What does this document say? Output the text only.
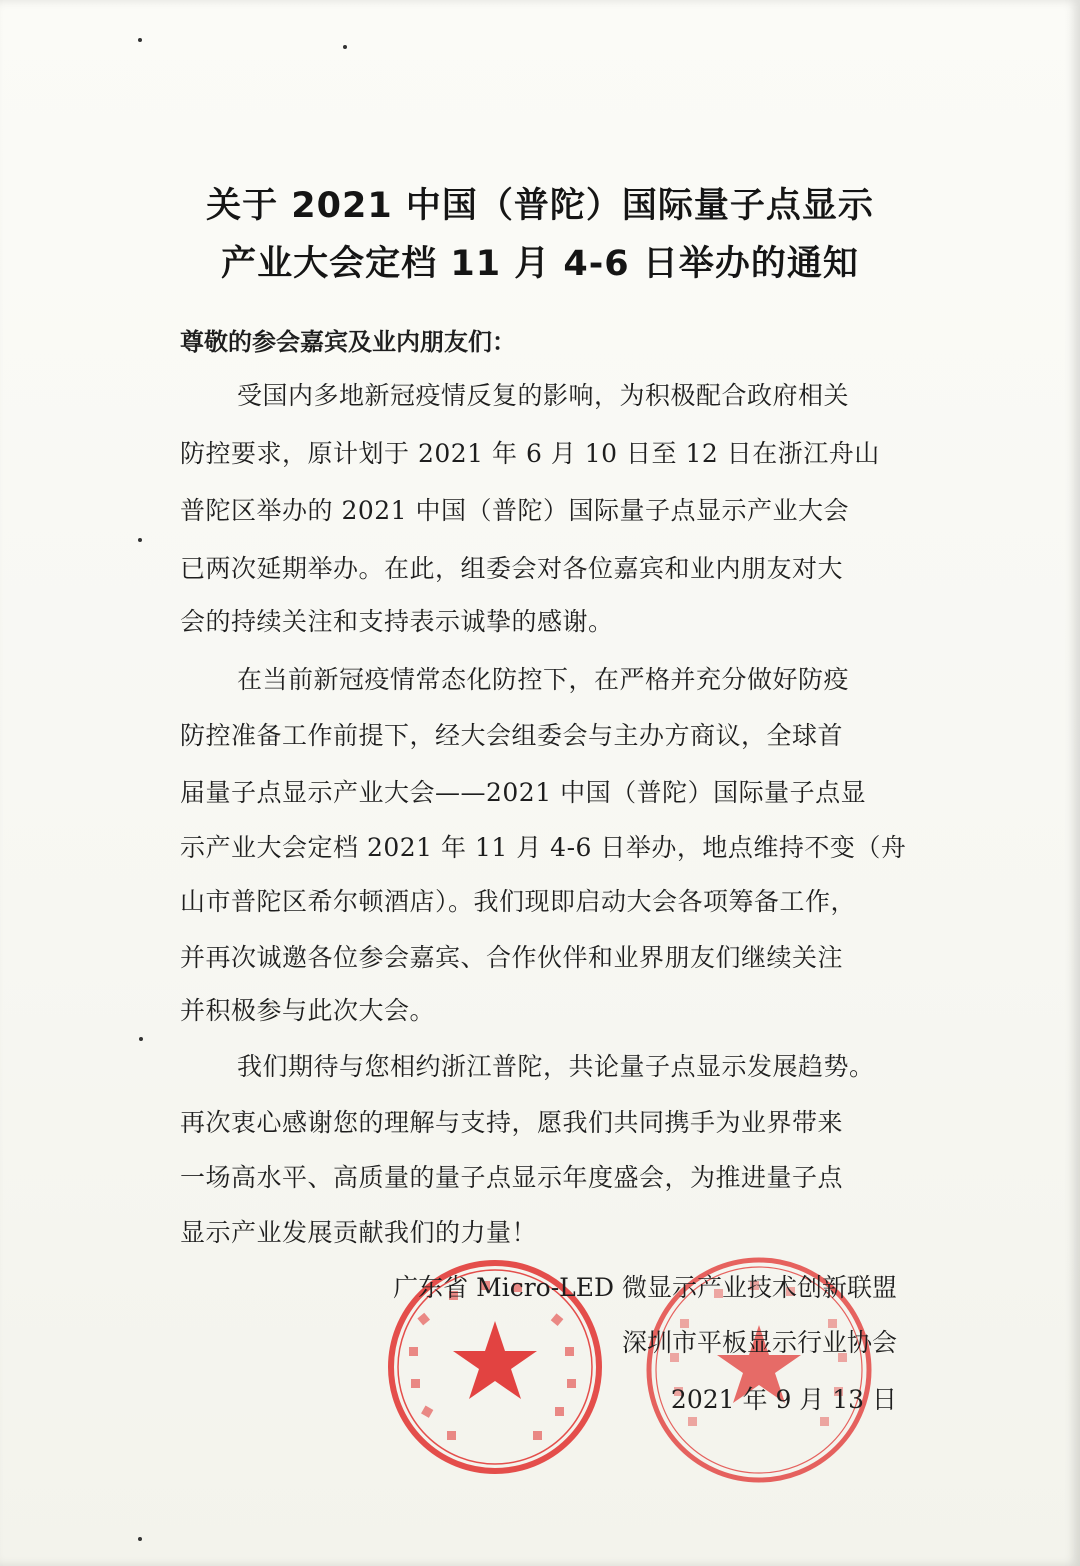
关于 2021 中国（普陀）国际量子点显示
产业大会定档 11 月 4-6 日举办的通知
尊敬的参会嘉宾及业内朋友们：
受国内多地新冠疫情反复的影响，为积极配合政府相关
防控要求，原计划于 2021 年 6 月 10 日至 12 日在浙江舟山
普陀区举办的 2021 中国（普陀）国际量子点显示产业大会
已两次延期举办。在此，组委会对各位嘉宾和业内朋友对大
会的持续关注和支持表示诚挚的感谢。
在当前新冠疫情常态化防控下，在严格并充分做好防疫
防控准备工作前提下，经大会组委会与主办方商议，全球首
届量子点显示产业大会——2021 中国（普陀）国际量子点显
示产业大会定档 2021 年 11 月 4-6 日举办，地点维持不变（舟
山市普陀区希尔顿酒店）。我们现即启动大会各项筹备工作，
并再次诚邀各位参会嘉宾、合作伙伴和业界朋友们继续关注
并积极参与此次大会。
我们期待与您相约浙江普陀，共论量子点显示发展趋势。
再次衷心感谢您的理解与支持，愿我们共同携手为业界带来
一场高水平、高质量的量子点显示年度盛会，为推进量子点
显示产业发展贡献我们的力量！
广东省 Micro-LED 微显示产业技术创新联盟
深圳市平板显示行业协会
2021 年 9 月 13 日
